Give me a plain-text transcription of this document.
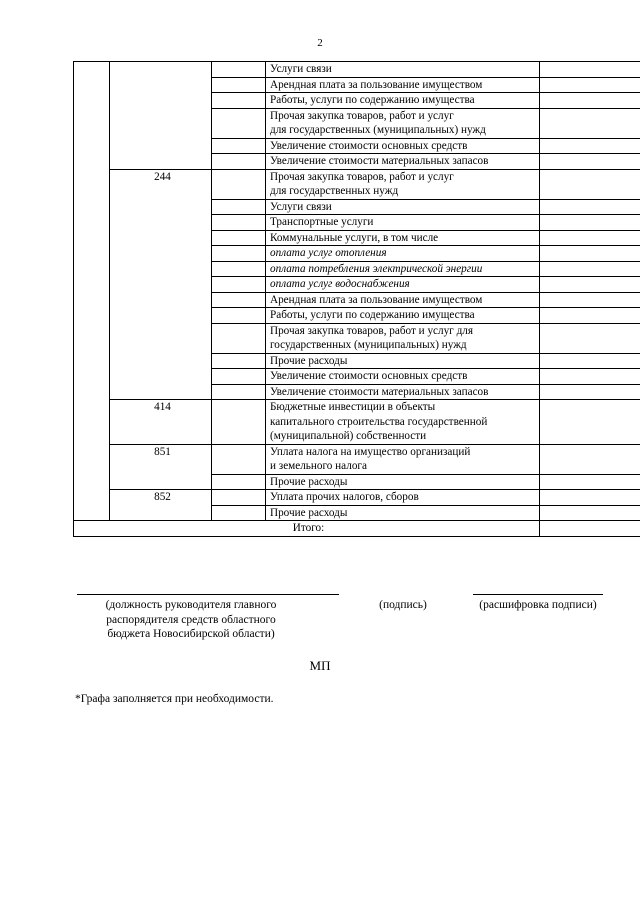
2
			Услуги связи	
			Арендная плата за пользование имуществом	
			Работы, услуги по содержанию имущества	
			Прочая закупка товаров, работ и услуг
для государственных (муниципальных) нужд	
			Увеличение стоимости основных средств	
			Увеличение стоимости материальных запасов	
	244		Прочая закупка товаров, работ и услуг
для государственных нужд	
			Услуги связи	
			Транспортные услуги	
			Коммунальные услуги, в том числе	
			оплата услуг отопления	
			оплата потребления электрической энергии	
			оплата услуг водоснабжения	
			Арендная плата за пользование имуществом	
			Работы, услуги по содержанию имущества	
			Прочая закупка товаров, работ и услуг для
государственных (муниципальных) нужд	
			Прочие расходы	
			Увеличение стоимости основных средств	
			Увеличение стоимости материальных запасов	
	414		Бюджетные инвестиции в объекты
капитального строительства государственной
(муниципальной) собственности	
	851		Уплата налога на имущество организаций
и земельного налога	
			Прочие расходы	
	852		Уплата прочих налогов, сборов	
			Прочие расходы	
Итого:				
(должность руководителя главного
распорядителя средств областного
бюджета Новосибирской области)
(подпись)	(расшифровка подписи)
МП
*Графа заполняется при необходимости.
